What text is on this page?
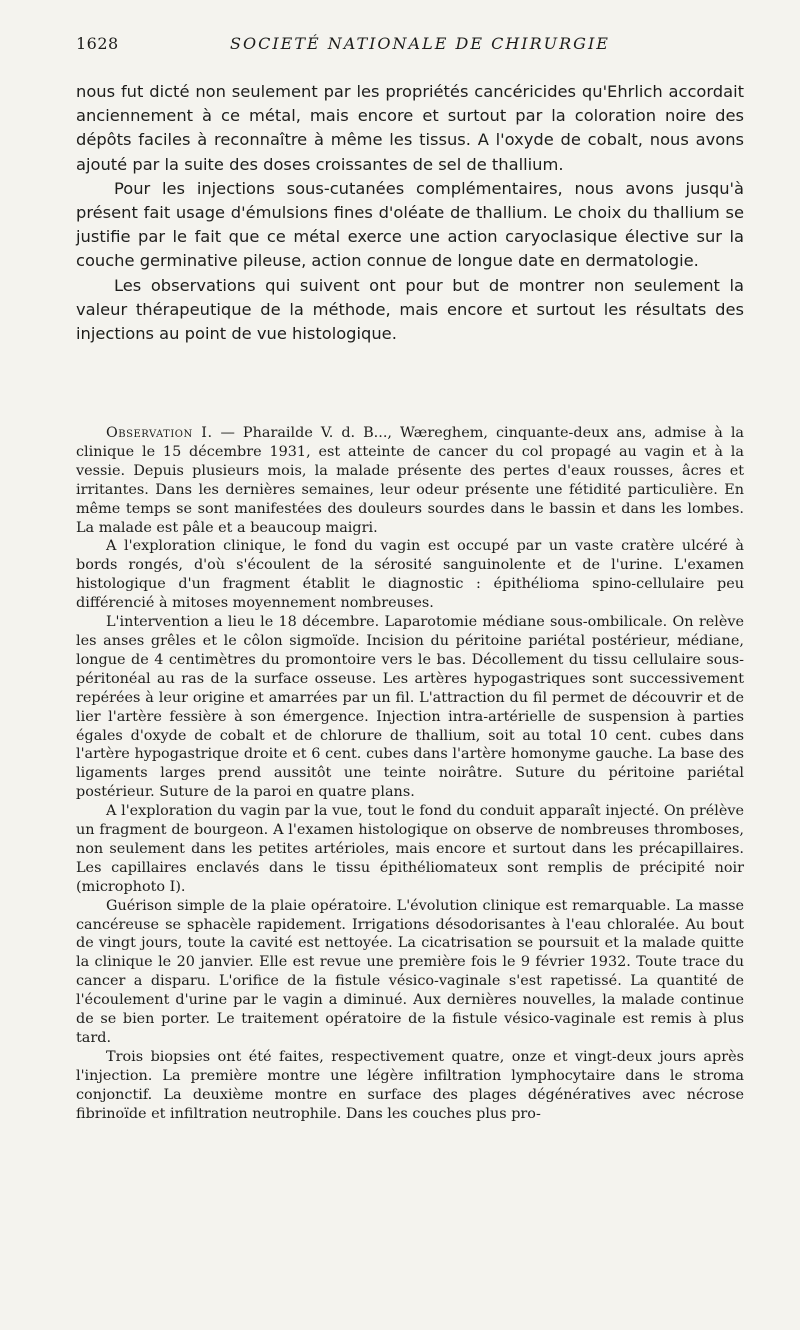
1628	SOCIETÉ NATIONALE DE CHIRURGIE

nous fut dicté non seulement par les propriétés cancéricides qu'Ehrlich accordait anciennement à ce métal, mais encore et surtout par la coloration noire des dépôts faciles à reconnaître à même les tissus. A l'oxyde de cobalt, nous avons ajouté par la suite des doses croissantes de sel de thallium.

Pour les injections sous-cutanées complémentaires, nous avons jusqu'à présent fait usage d'émulsions fines d'oléate de thallium. Le choix du thallium se justifie par le fait que ce métal exerce une action caryoclasique élective sur la couche germinative pileuse, action connue de longue date en dermatologie.

Les observations qui suivent ont pour but de montrer non seulement la valeur thérapeutique de la méthode, mais encore et surtout les résultats des injections au point de vue histologique.

Observation I. — Pharailde V. d. B..., Wæreghem, cinquante-deux ans, admise à la clinique le 15 décembre 1931, est atteinte de cancer du col propagé au vagin et à la vessie. Depuis plusieurs mois, la malade présente des pertes d'eaux rousses, âcres et irritantes. Dans les dernières semaines, leur odeur présente une fétidité particulière. En même temps se sont manifestées des douleurs sourdes dans le bassin et dans les lombes. La malade est pâle et a beaucoup maigri.

A l'exploration clinique, le fond du vagin est occupé par un vaste cratère ulcéré à bords rongés, d'où s'écoulent de la sérosité sanguinolente et de l'urine. L'examen histologique d'un fragment établit le diagnostic : épithélioma spino-cellulaire peu différencié à mitoses moyennement nombreuses.

L'intervention a lieu le 18 décembre. Laparotomie médiane sous-ombilicale. On relève les anses grêles et le côlon sigmoïde. Incision du péritoine pariétal postérieur, médiane, longue de 4 centimètres du promontoire vers le bas. Décollement du tissu cellulaire sous-péritonéal au ras de la surface osseuse. Les artères hypogastriques sont successivement repérées à leur origine et amarrées par un fil. L'attraction du fil permet de découvrir et de lier l'artère fessière à son émergence. Injection intra-artérielle de suspension à parties égales d'oxyde de cobalt et de chlorure de thallium, soit au total 10 cent. cubes dans l'artère hypogastrique droite et 6 cent. cubes dans l'artère homonyme gauche. La base des ligaments larges prend aussitôt une teinte noirâtre. Suture du péritoine pariétal postérieur. Suture de la paroi en quatre plans.

A l'exploration du vagin par la vue, tout le fond du conduit apparaît injecté. On prélève un fragment de bourgeon. A l'examen histologique on observe de nombreuses thromboses, non seulement dans les petites artérioles, mais encore et surtout dans les précapillaires. Les capillaires enclavés dans le tissu épithéliomateux sont remplis de précipité noir (microphoto I).

Guérison simple de la plaie opératoire. L'évolution clinique est remarquable. La masse cancéreuse se sphacèle rapidement. Irrigations désodorisantes à l'eau chloralée. Au bout de vingt jours, toute la cavité est nettoyée. La cicatrisation se poursuit et la malade quitte la clinique le 20 janvier. Elle est revue une première fois le 9 février 1932. Toute trace du cancer a disparu. L'orifice de la fistule vésico-vaginale s'est rapetissé. La quantité de l'écoulement d'urine par le vagin a diminué. Aux dernières nouvelles, la malade continue de se bien porter. Le traitement opératoire de la fistule vésico-vaginale est remis à plus tard.

Trois biopsies ont été faites, respectivement quatre, onze et vingt-deux jours après l'injection. La première montre une légère infiltration lymphocytaire dans le stroma conjonctif. La deuxième montre en surface des plages dégénératives avec nécrose fibrinoïde et infiltration neutrophile. Dans les couches plus pro-
